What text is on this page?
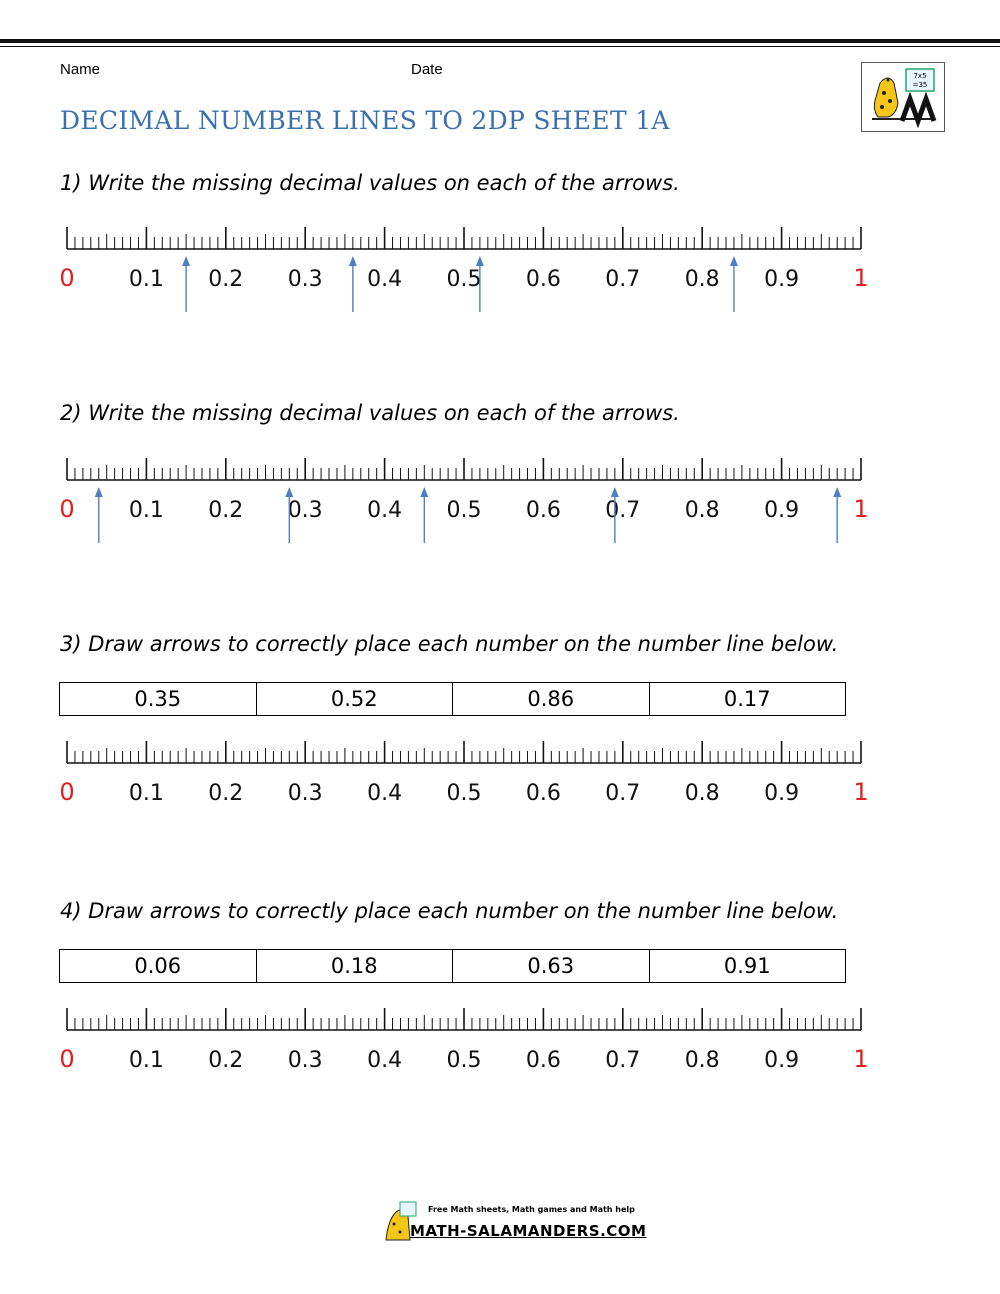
Name	Date
DECIMAL NUMBER LINES TO 2DP SHEET 1A
7x5
=35
1) Write the missing decimal values on each of the arrows.
0 0.1 0.2 0.3 0.4 0.5 0.6 0.7 0.8 0.9 1
2) Write the missing decimal values on each of the arrows.
0 0.1 0.2 0.3 0.4 0.5 0.6 0.7 0.8 0.9 1
3) Draw arrows to correctly place each number on the number line below.
0.35	0.52	0.86	0.17
0 0.1 0.2 0.3 0.4 0.5 0.6 0.7 0.8 0.9 1
4) Draw arrows to correctly place each number on the number line below.
0.06	0.18	0.63	0.91
0 0.1 0.2 0.3 0.4 0.5 0.6 0.7 0.8 0.9 1
Free Math sheets, Math games and Math help
MATH-SALAMANDERS.COM
